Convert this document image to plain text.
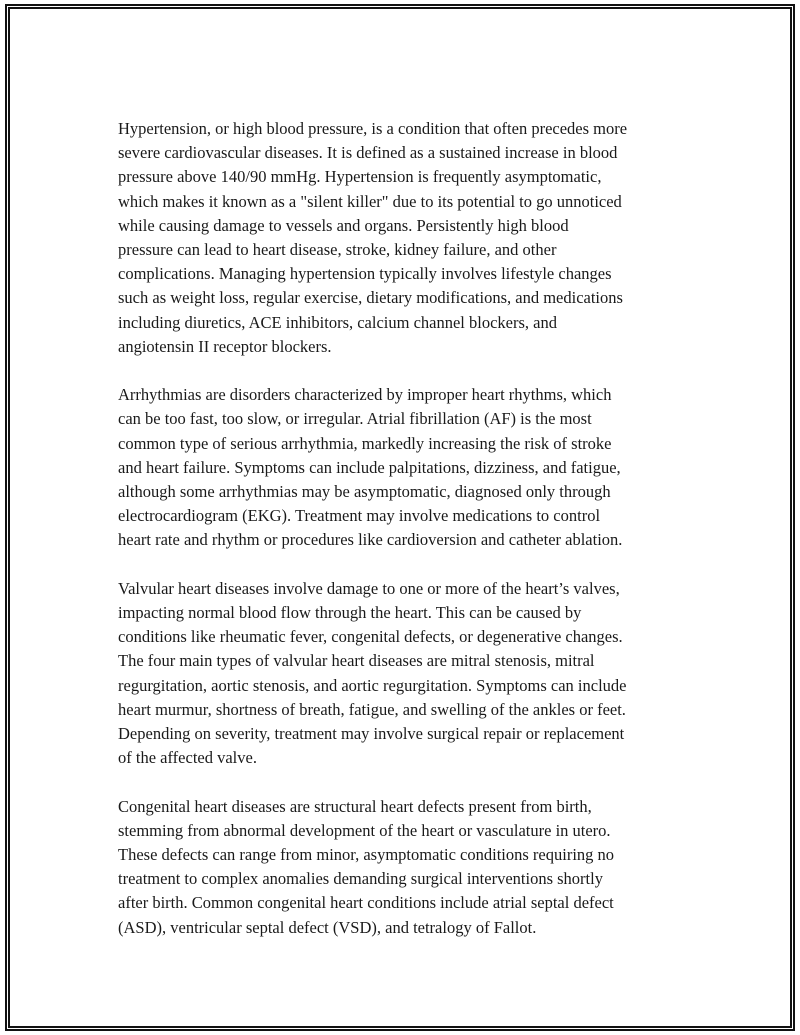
Hypertension, or high blood pressure, is a condition that often precedes more
severe cardiovascular diseases. It is defined as a sustained increase in blood
pressure above 140/90 mmHg. Hypertension is frequently asymptomatic,
which makes it known as a "silent killer" due to its potential to go unnoticed
while causing damage to vessels and organs. Persistently high blood
pressure can lead to heart disease, stroke, kidney failure, and other
complications. Managing hypertension typically involves lifestyle changes
such as weight loss, regular exercise, dietary modifications, and medications
including diuretics, ACE inhibitors, calcium channel blockers, and
angiotensin II receptor blockers.

Arrhythmias are disorders characterized by improper heart rhythms, which
can be too fast, too slow, or irregular. Atrial fibrillation (AF) is the most
common type of serious arrhythmia, markedly increasing the risk of stroke
and heart failure. Symptoms can include palpitations, dizziness, and fatigue,
although some arrhythmias may be asymptomatic, diagnosed only through
electrocardiogram (EKG). Treatment may involve medications to control
heart rate and rhythm or procedures like cardioversion and catheter ablation.

Valvular heart diseases involve damage to one or more of the heart’s valves,
impacting normal blood flow through the heart. This can be caused by
conditions like rheumatic fever, congenital defects, or degenerative changes.
The four main types of valvular heart diseases are mitral stenosis, mitral
regurgitation, aortic stenosis, and aortic regurgitation. Symptoms can include
heart murmur, shortness of breath, fatigue, and swelling of the ankles or feet.
Depending on severity, treatment may involve surgical repair or replacement
of the affected valve.

Congenital heart diseases are structural heart defects present from birth,
stemming from abnormal development of the heart or vasculature in utero.
These defects can range from minor, asymptomatic conditions requiring no
treatment to complex anomalies demanding surgical interventions shortly
after birth. Common congenital heart conditions include atrial septal defect
(ASD), ventricular septal defect (VSD), and tetralogy of Fallot.
